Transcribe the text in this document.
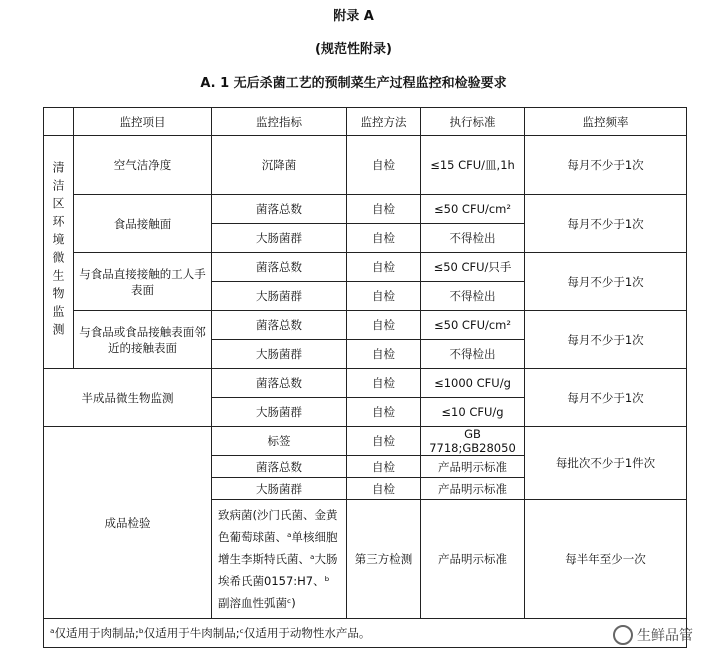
附录 A
(规范性附录)
A. 1 无后杀菌工艺的预制菜生产过程监控和检验要求
	监控项目	监控指标	监控方法	执行标准	监控频率
清洁区环境微生物监测	空气洁净度	沉降菌	自检	≤15 CFU/皿,1h	每月不少于1次
	食品接触面	菌落总数	自检	≤50 CFU/cm²	每月不少于1次
		大肠菌群	自检	不得检出	
	与食品直接接触的工人手表面	菌落总数	自检	≤50 CFU/只手	每月不少于1次
		大肠菌群	自检	不得检出	
	与食品或食品接触表面邻近的接触表面	菌落总数	自检	≤50 CFU/cm²	每月不少于1次
		大肠菌群	自检	不得检出	
半成品微生物监测		菌落总数	自检	≤1000 CFU/g	每月不少于1次
		大肠菌群	自检	≤10 CFU/g	
成品检验		标签	自检	GB 7718;GB28050	每批次不少于1件次
		菌落总数	自检	产品明示标准	
		大肠菌群	自检	产品明示标准	
		致病菌(沙门氏菌、金黄色葡萄球菌、ᵃ单核细胞增生李斯特氏菌、ᵃ大肠埃希氏菌0157:H7、ᵇ副溶血性弧菌ᶜ)	第三方检测	产品明示标准	每半年至少一次
ᵃ仅适用于肉制品;ᵇ仅适用于牛肉制品;ᶜ仅适用于动物性水产品。						生鲜品管
